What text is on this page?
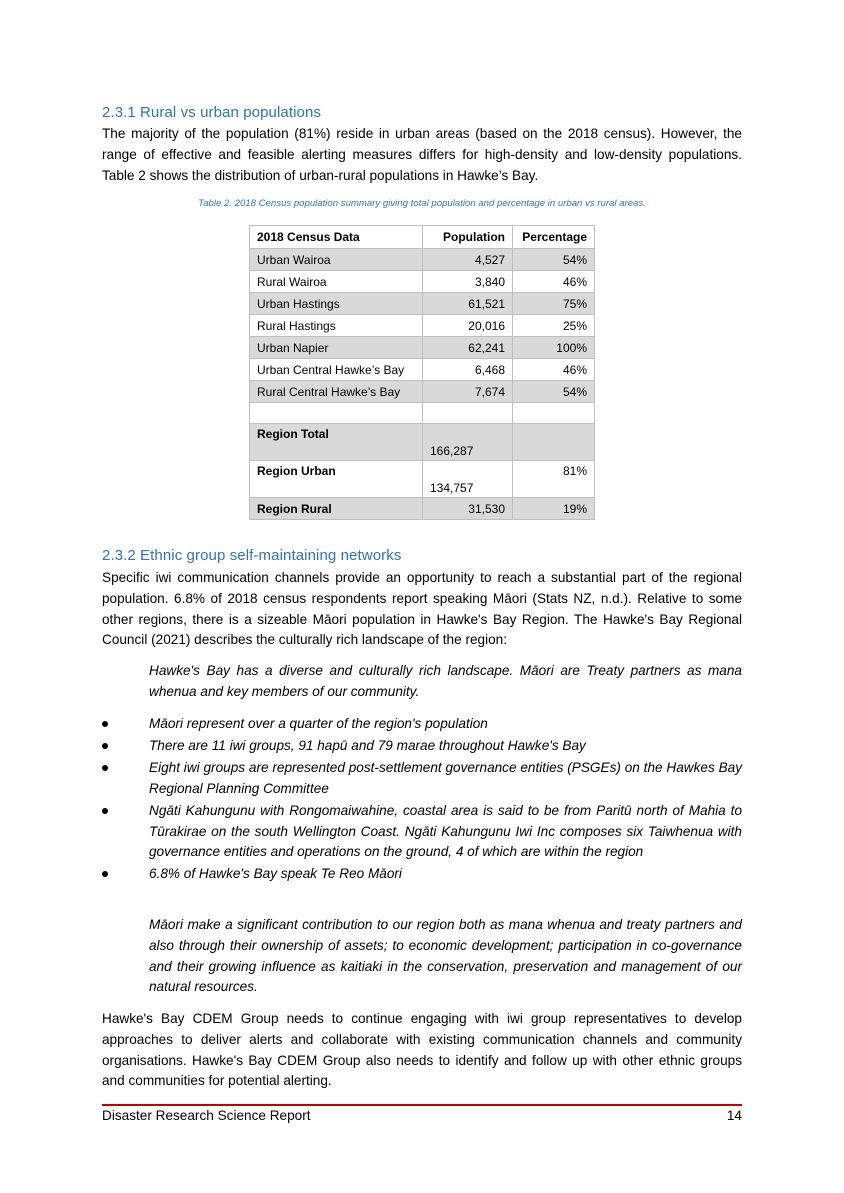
2.3.1 Rural vs urban populations

The majority of the population (81%) reside in urban areas (based on the 2018 census). However, the range of effective and feasible alerting measures differs for high-density and low-density populations. Table 2 shows the distribution of urban-rural populations in Hawke’s Bay.

Table 2. 2018 Census population summary giving total population and percentage in urban vs rural areas.
2018 Census Data	Population	Percentage
Urban Wairoa	4,527	54%
Rural Wairoa	3,840	46%
Urban Hastings	61,521	75%
Rural Hastings	20,016	25%
Urban Napier	62,241	100%
Urban Central Hawke’s Bay	6,468	46%
Rural Central Hawke’s Bay	7,674	54%

Region Total	166,287	
Region Urban	134,757	81%
Region Rural	31,530	19%
2.3.2 Ethnic group self-maintaining networks

Specific iwi communication channels provide an opportunity to reach a substantial part of the regional population. 6.8% of 2018 census respondents report speaking Māori (Stats NZ, n.d.). Relative to some other regions, there is a sizeable Māori population in Hawke's Bay Region. The Hawke's Bay Regional Council (2021) describes the culturally rich landscape of the region:

Hawke's Bay has a diverse and culturally rich landscape. Māori are Treaty partners as mana whenua and key members of our community.

Māori represent over a quarter of the region's population
There are 11 iwi groups, 91 hapū and 79 marae throughout Hawke's Bay
Eight iwi groups are represented post-settlement governance entities (PSGEs) on the Hawkes Bay Regional Planning Committee
Ngāti Kahungunu with Rongomaiwahine, coastal area is said to be from Paritū north of Mahia to Tūrakirae on the south Wellington Coast. Ngāti Kahungunu Iwi Inc composes six Taiwhenua with governance entities and operations on the ground, 4 of which are within the region
6.8% of Hawke's Bay speak Te Reo Māori

Māori make a significant contribution to our region both as mana whenua and treaty partners and also through their ownership of assets; to economic development; participation in co-governance and their growing influence as kaitiaki in the conservation, preservation and management of our natural resources.

Hawke's Bay CDEM Group needs to continue engaging with iwi group representatives to develop approaches to deliver alerts and collaborate with existing communication channels and community organisations. Hawke's Bay CDEM Group also needs to identify and follow up with other ethnic groups and communities for potential alerting.

Disaster Research Science Report	14
